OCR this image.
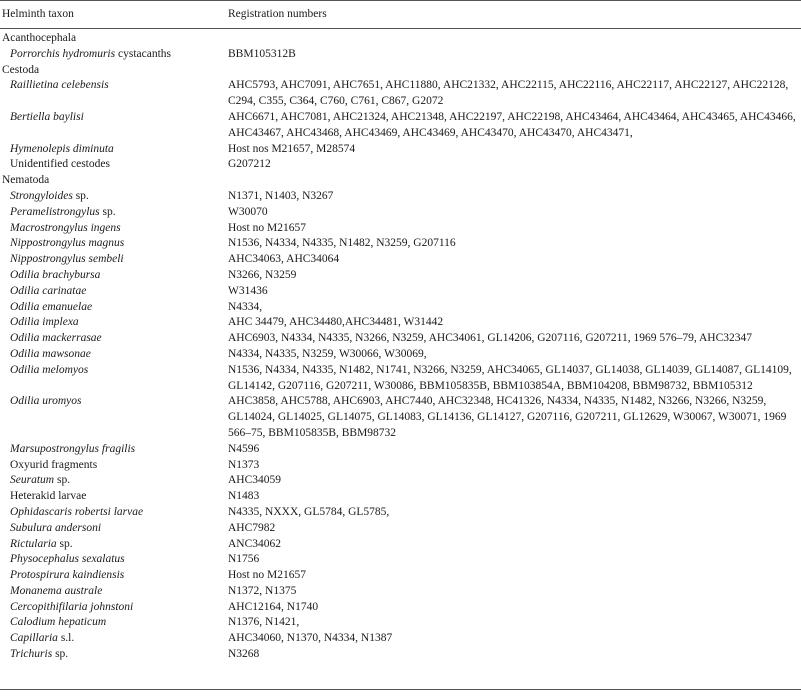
Helminth taxon	Registration numbers
Acanthocephala
Porrorchis hydromuris cystacanths	BBM105312B
Cestoda
Raillietina celebensis	AHC5793, AHC7091, AHC7651, AHC11880, AHC21332, AHC22115, AHC22116, AHC22117, AHC22127, AHC22128, C294, C355, C364, C760, C761, C867, G2072
Bertiella baylisi	AHC6671, AHC7081, AHC21324, AHC21348, AHC22197, AHC22198, AHC43464, AHC43464, AHC43465, AHC43466, AHC43467, AHC43468, AHC43469, AHC43469, AHC43470, AHC43470, AHC43471,
Hymenolepis diminuta	Host nos M21657, M28574
Unidentified cestodes	G207212
Nematoda
Strongyloides sp.	N1371, N1403, N3267
Peramelistrongylus sp.	W30070
Macrostrongylus ingens	Host no M21657
Nippostrongylus magnus	N1536, N4334, N4335, N1482, N3259, G207116
Nippostrongylus sembeli	AHC34063, AHC34064
Odilia brachybursa	N3266, N3259
Odilia carinatae	W31436
Odilia emanuelae	N4334,
Odilia implexa	AHC 34479, AHC34480,AHC34481, W31442
Odilia mackerrasae	AHC6903, N4334, N4335, N3266, N3259, AHC34061, GL14206, G207116, G207211, 1969 576–79, AHC32347
Odilia mawsonae	N4334, N4335, N3259, W30066, W30069,
Odilia melomyos	N1536, N4334, N4335, N1482, N1741, N3266, N3259, AHC34065, GL14037, GL14038, GL14039, GL14087, GL14109, GL14142, G207116, G207211, W30086, BBM105835B, BBM103854A, BBM104208, BBM98732, BBM105312
Odilia uromyos	AHC3858, AHC5788, AHC6903, AHC7440, AHC32348, HC41326, N4334, N4335, N1482, N3266, N3266, N3259, GL14024, GL14025, GL14075, GL14083, GL14136, GL14127, G207116, G207211, GL12629, W30067, W30071, 1969 566–75, BBM105835B, BBM98732
Marsupostrongylus fragilis	N4596
Oxyurid fragments	N1373
Seuratum sp.	AHC34059
Heterakid larvae	N1483
Ophidascaris robertsi larvae	N4335, NXXX, GL5784, GL5785,
Subulura andersoni	AHC7982
Rictularia sp.	ANC34062
Physocephalus sexalatus	N1756
Protospirura kaindiensis	Host no M21657
Monanema australe	N1372, N1375
Cercopithifilaria johnstoni	AHC12164, N1740
Calodium hepaticum	N1376, N1421,
Capillaria s.l.	AHC34060, N1370, N4334, N1387
Trichuris sp.	N3268
